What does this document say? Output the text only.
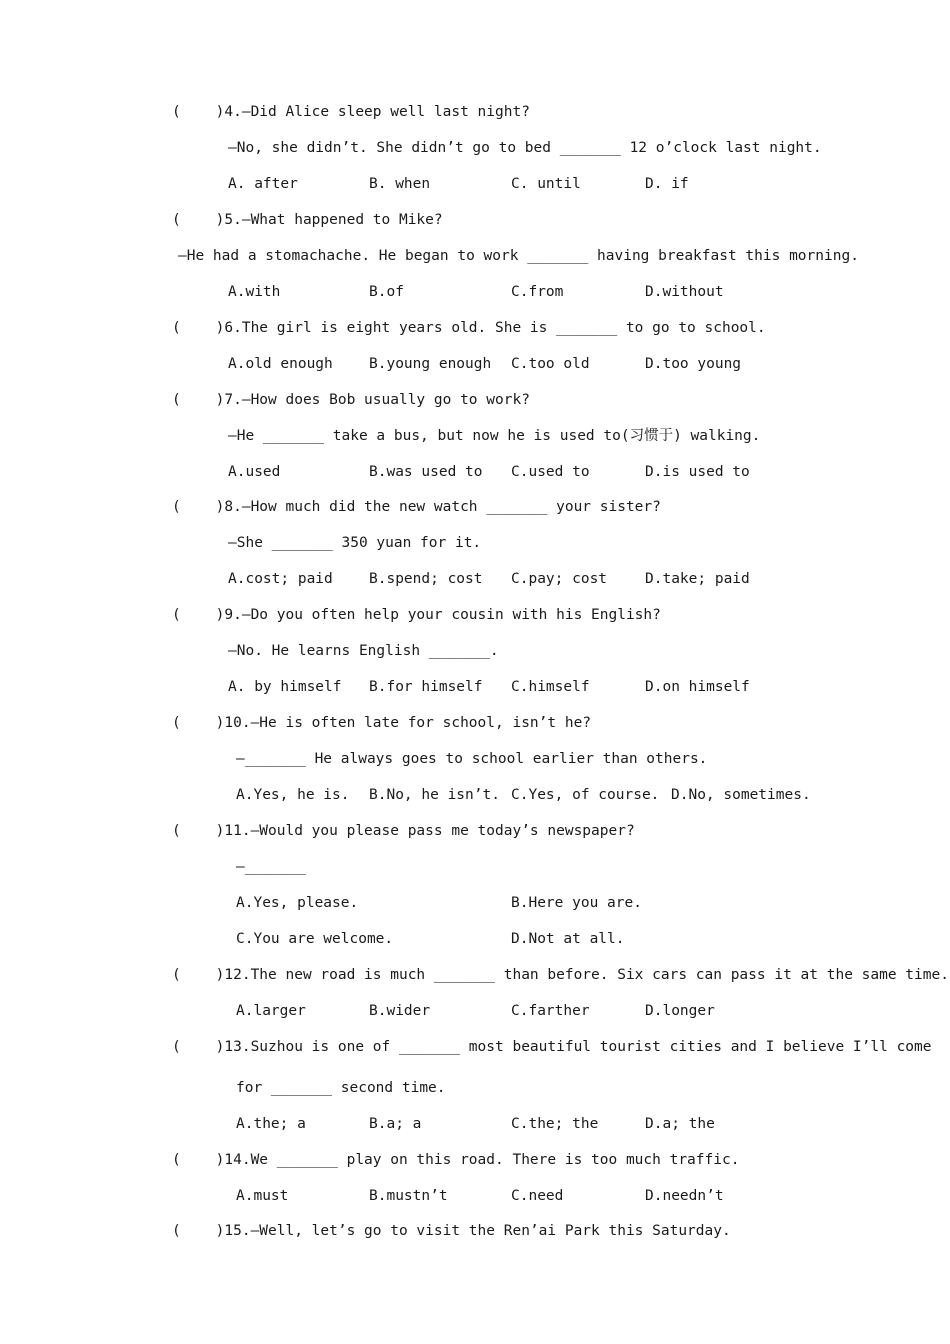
(    )4.—Did Alice sleep well last night?
—No, she didn’t. She didn’t go to bed _______ 12 o’clock last night.
A. after	B. when	C. until	D. if
(    )5.—What happened to Mike?
—He had a stomachache. He began to work _______ having breakfast this morning.
A.with	B.of	C.from	D.without
(    )6.The girl is eight years old. She is _______ to go to school.
A.old enough B.young enough C.too old	D.too young
(    )7.—How does Bob usually go to work?
—He _______ take a bus, but now he is used to(习惯于) walking.
A.used	B.was used to C.used to	D.is used to
(    )8.—How much did the new watch _______ your sister?
—She _______ 350 yuan for it.
A.cost; paid B.spend; cost C.pay; cost	D.take; paid
(    )9.—Do you often help your cousin with his English?
—No. He learns English _______.
A. by himself B.for himself C.himself	D.on himself
(    )10.—He is often late for school, isn’t he?
—_______ He always goes to school earlier than others.
A.Yes, he is. B.No, he isn’t. C.Yes, of course. D.No, sometimes.
(    )11.—Would you please pass me today’s newspaper?
—_______
A.Yes, please.	B.Here you are.
C.You are welcome.	D.Not at all.
(    )12.The new road is much _______ than before. Six cars can pass it at the same time.
A.larger	B.wider	C.farther	D.longer
(    )13.Suzhou is one of _______ most beautiful tourist cities and I believe I’ll come
for _______ second time.
A.the; a	B.a; a	C.the; the	D.a; the
(    )14.We _______ play on this road. There is too much traffic.
A.must	B.mustn’t	C.need	D.needn’t
(    )15.—Well, let’s go to visit the Ren’ai Park this Saturday.
